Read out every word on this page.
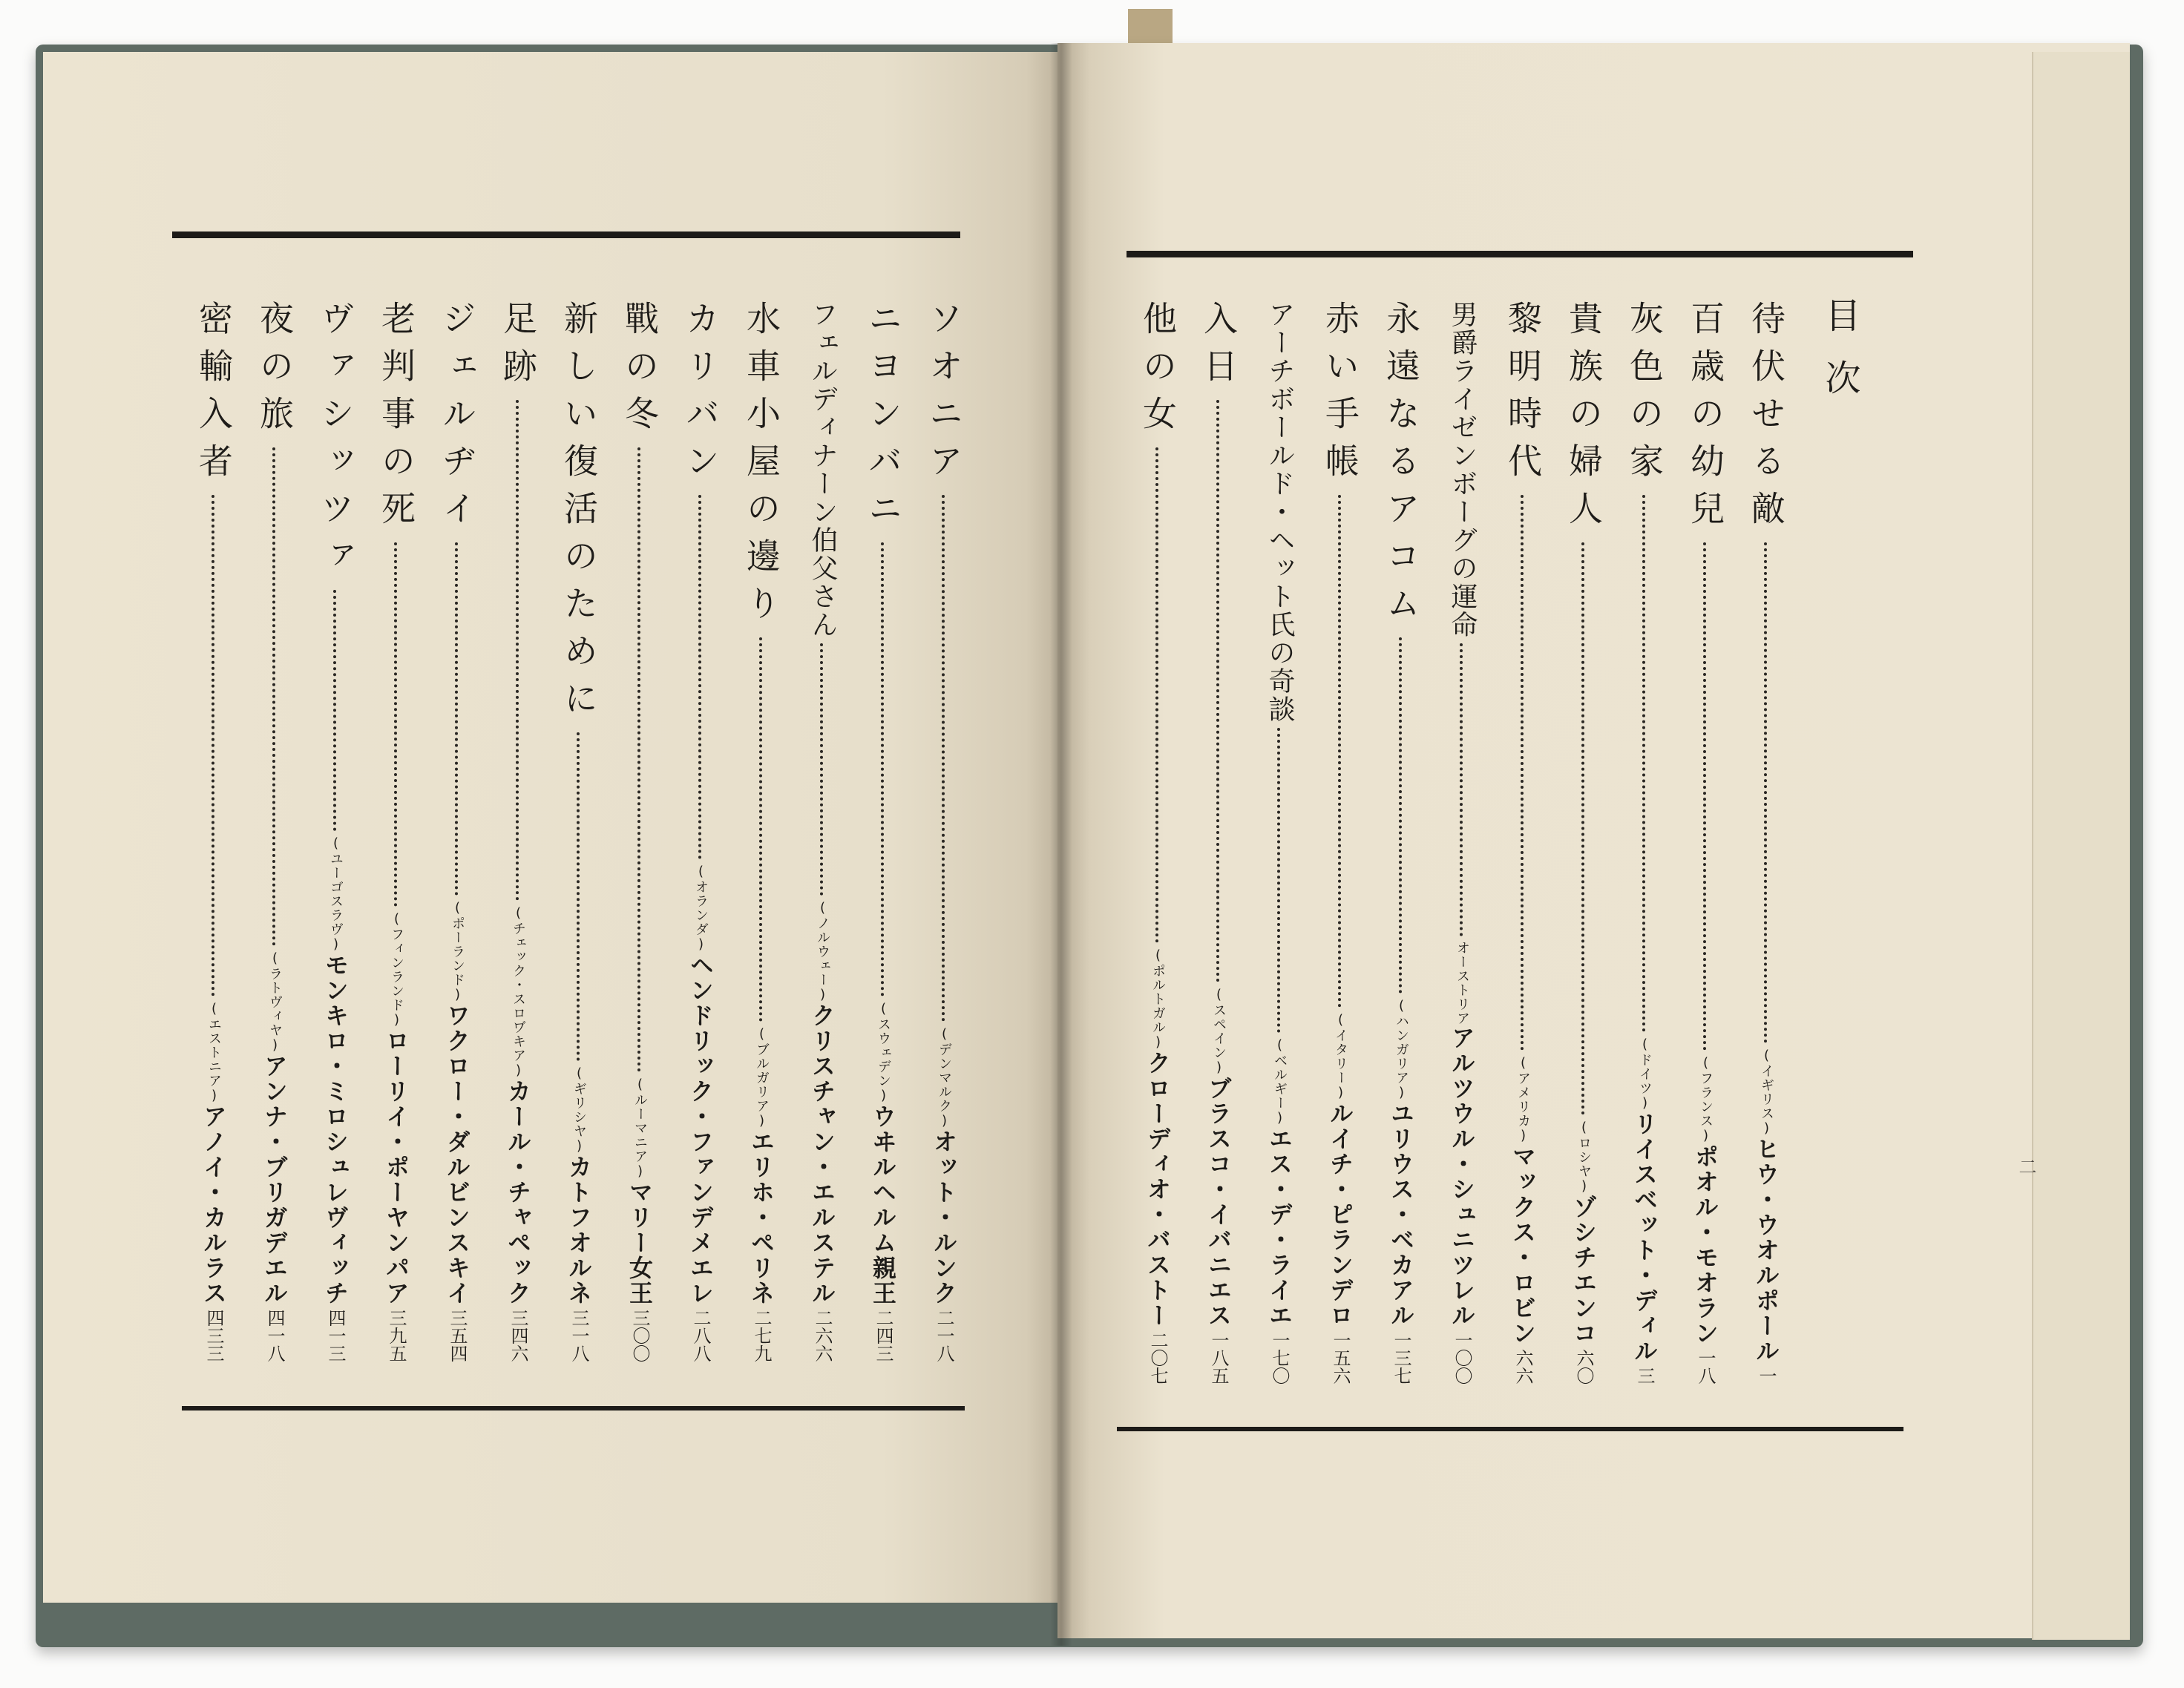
目次
二
待伏せる敵
(イギリス)
ヒウ・ウオルポール
一
百歳の幼兒
(フランス)
ポオル・モオラン
一八
灰色の家
(ドイツ)
リイスベット・ディル
三
貴族の婦人
(ロシヤ)
ゾシチエンコ
六〇
黎明時代
(アメリカ)
マックス・ロビン
六六
男爵ライゼンボーグの運命
オーストリア
アルツウル・シュニツレル
一〇〇
永遠なるアコム
(ハンガリア)
ユリウス・ベカアル
一三七
赤い手帳
(イタリー)
ルイチ・ピランデロ
一五六
アーチボールド・ヘット氏の奇談
(ベルギー)
エス・デ・ライエ
一七〇
入日
(スペイン)
ブラスコ・イバニエス
一八五
他の女
(ポルトガル)
クローディオ・バストー
二〇七
ソオニア
(デンマルク)
オット・ルンク
二一八
ニヨンバニ
(スウェデン)
ウヰルヘルム親王
二四三
フェルディナーン伯父さん
(ノルウェー)
クリスチャン・エルステル
二六六
水車小屋の邊り
(ブルガリア)
エリホ・ペリネ
二七九
カリバン
(オランダ)
ヘンドリック・ファンデメエレ
二八八
戰の冬
(ルーマニア)
マリー女王
三〇〇
新しい復活のために
(ギリシヤ)
カトフオルネ
三一八
足跡
(チェック・スロヷキア)
カール・チャペック
三四六
ジェルヂイ
(ポーランド)
ワクロー・ダルビンスキイ
三五四
老判事の死
(フィンランド)
ローリイ・ポーヤンパア
三九五
ヴァシッツァ
(ユーゴスラヴ)
モンキロ・ミロシュレヴィッチ
四一三
夜の旅
(ラトヴィヤ)
アンナ・ブリガデエル
四一八
密輸入者
(エストニア)
アノイ・カルラス
四三三
